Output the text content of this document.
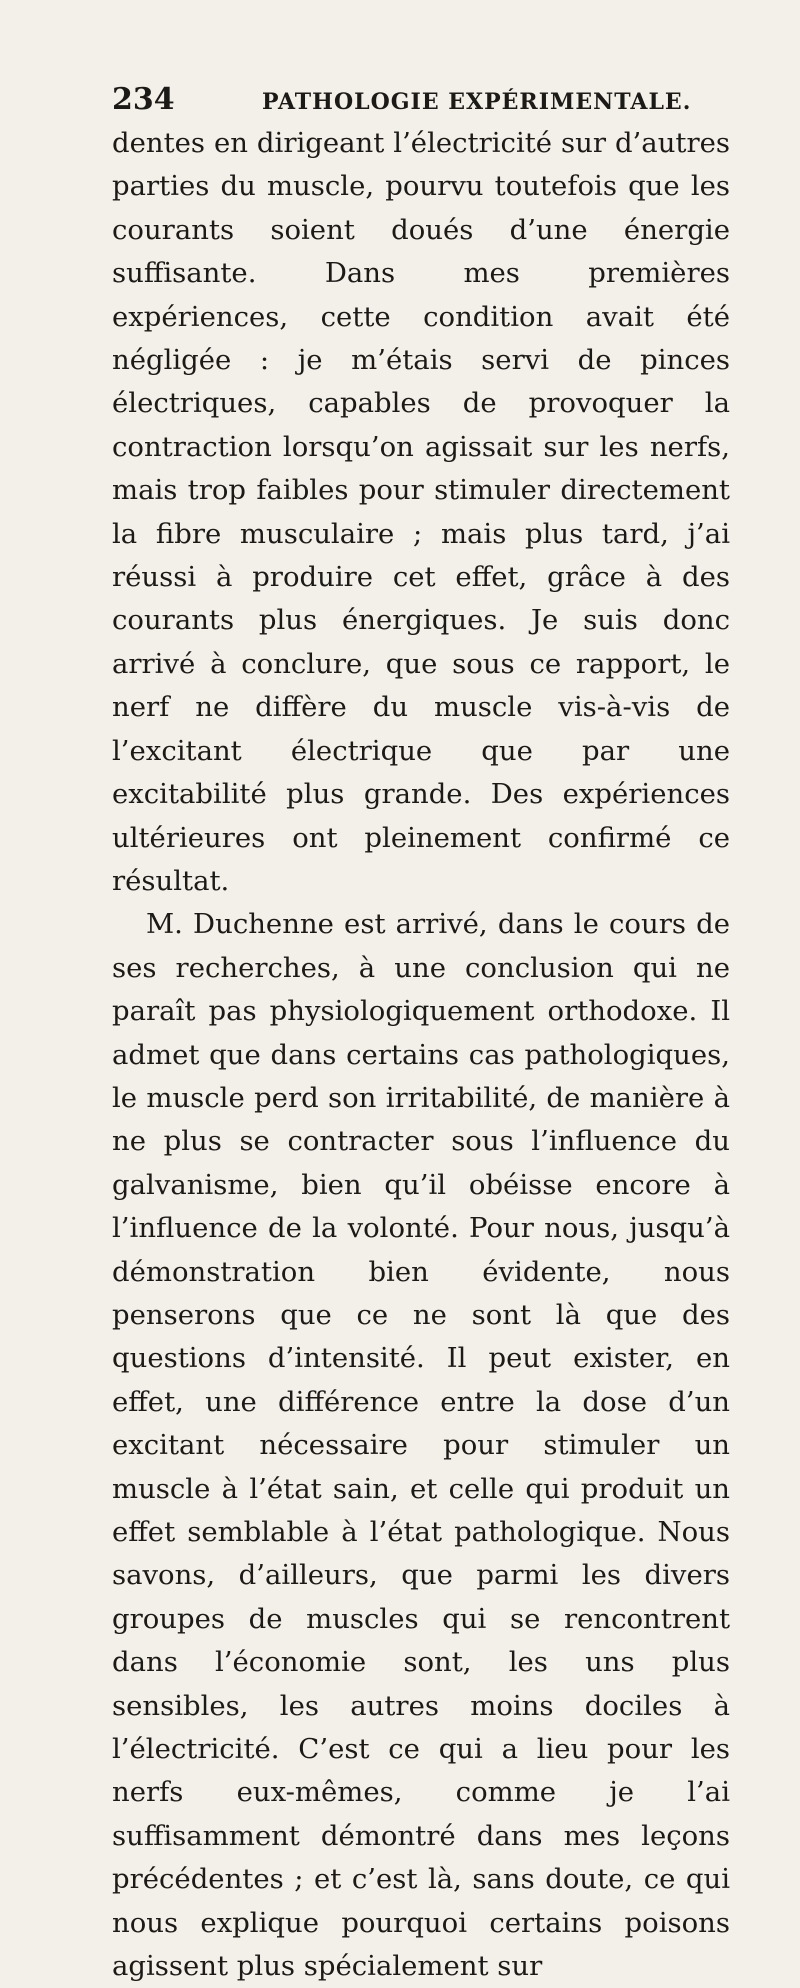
234	PATHOLOGIE EXPÉRIMENTALE.

dentes en dirigeant l’électricité sur d’autres parties du muscle, pourvu toutefois que les courants soient doués d’une énergie suffisante. Dans mes premières expériences, cette condition avait été négligée : je m’étais servi de pinces électriques, capables de provoquer la contraction lorsqu’on agissait sur les nerfs, mais trop faibles pour stimuler directement la fibre musculaire ; mais plus tard, j’ai réussi à produire cet effet, grâce à des courants plus énergiques. Je suis donc arrivé à conclure, que sous ce rapport, le nerf ne diffère du muscle vis-à-vis de l’excitant électrique que par une excitabilité plus grande. Des expériences ultérieures ont pleinement confirmé ce résultat.

M. Duchenne est arrivé, dans le cours de ses recherches, à une conclusion qui ne paraît pas physiologiquement orthodoxe. Il admet que dans certains cas pathologiques, le muscle perd son irritabilité, de manière à ne plus se contracter sous l’influence du galvanisme, bien qu’il obéisse encore à l’influence de la volonté. Pour nous, jusqu’à démonstration bien évidente, nous penserons que ce ne sont là que des questions d’intensité. Il peut exister, en effet, une différence entre la dose d’un excitant nécessaire pour stimuler un muscle à l’état sain, et celle qui produit un effet semblable à l’état pathologique. Nous savons, d’ailleurs, que parmi les divers groupes de muscles qui se rencontrent dans l’économie sont, les uns plus sensibles, les autres moins dociles à l’électricité. C’est ce qui a lieu pour les nerfs eux-mêmes, comme je l’ai suffisamment démontré dans mes leçons précédentes ; et c’est là, sans doute, ce qui nous explique pourquoi certains poisons agissent plus spécialement sur
